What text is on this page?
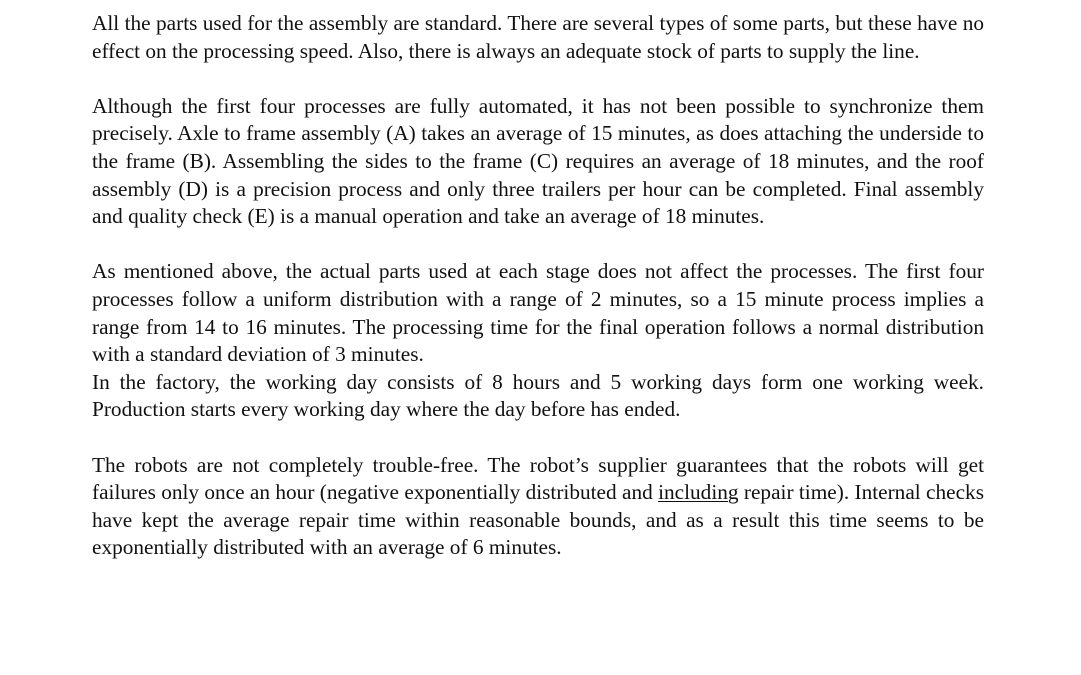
All the parts used for the assembly are standard. There are several types of some parts, but these have no effect on the processing speed. Also, there is always an adequate stock of parts to supply the line.

Although the first four processes are fully automated, it has not been possible to synchronize them precisely. Axle to frame assembly (A) takes an average of 15 minutes, as does attaching the underside to the frame (B). Assembling the sides to the frame (C) requires an average of 18 minutes, and the roof assembly (D) is a precision process and only three trailers per hour can be completed. Final assembly and quality check (E) is a manual operation and take an average of 18 minutes.

As mentioned above, the actual parts used at each stage does not affect the processes. The first four processes follow a uniform distribution with a range of 2 minutes, so a 15 minute process implies a range from 14 to 16 minutes. The processing time for the final operation follows a normal distribution with a standard deviation of 3 minutes.

In the factory, the working day consists of 8 hours and 5 working days form one working week. Production starts every working day where the day before has ended.

The robots are not completely trouble-free. The robot’s supplier guarantees that the robots will get failures only once an hour (negative exponentially distributed and including repair time). Internal checks have kept the average repair time within reasonable bounds, and as a result this time seems to be exponentially distributed with an average of 6 minutes.
